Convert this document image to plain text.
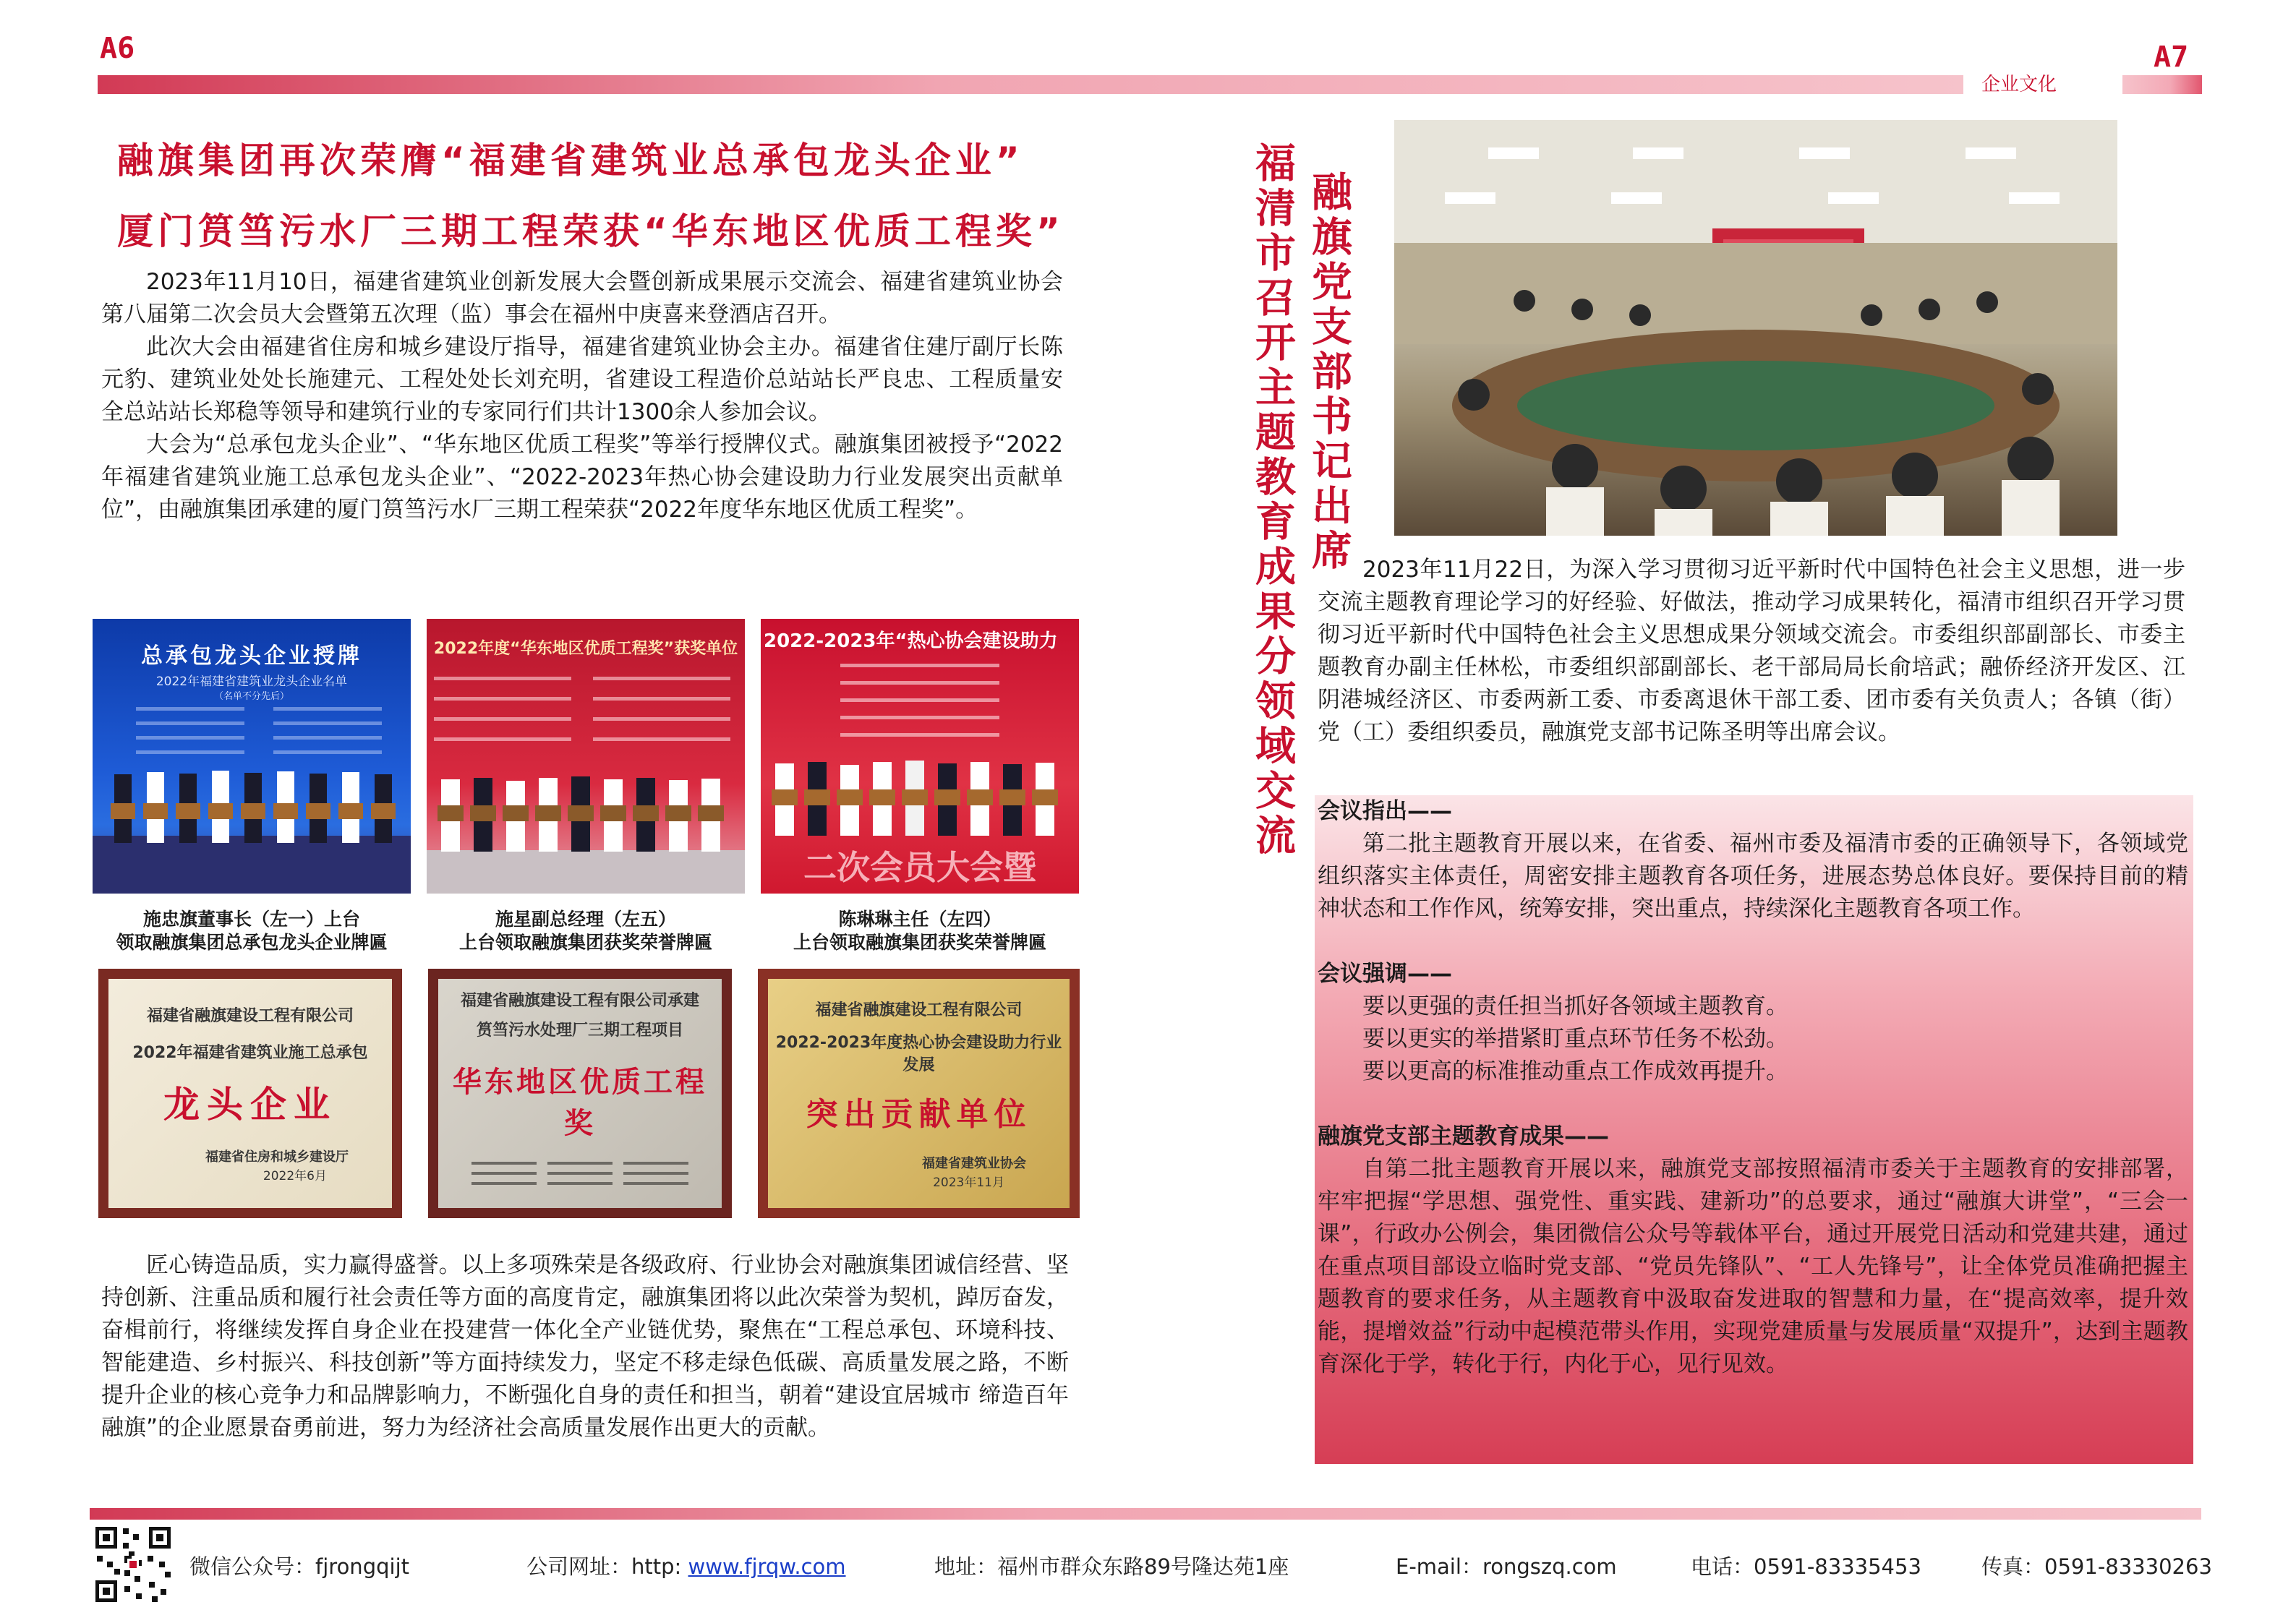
A6
企业文化
A7
融旗集团再次荣膺“福建省建筑业总承包龙头企业”
厦门筼筜污水厂三期工程荣获“华东地区优质工程奖”

2023年11月10日，福建省建筑业创新发展大会暨创新成果展示交流会、福建省建筑业协会第八届第二次会员大会暨第五次理（监）事会在福州中庚喜来登酒店召开。

此次大会由福建省住房和城乡建设厅指导，福建省建筑业协会主办。福建省住建厅副厅长陈元豹、建筑业处处长施建元、工程处处长刘充明，省建设工程造价总站站长严良忠、工程质量安全总站站长郑稳等领导和建筑行业的专家同行们共计1300余人参加会议。

大会为“总承包龙头企业”、“华东地区优质工程奖”等举行授牌仪式。融旗集团被授予“2022年福建省建筑业施工总承包龙头企业”、“2022-2023年热心协会建设助力行业发展突出贡献单位”，由融旗集团承建的厦门筼筜污水厂三期工程荣获“2022年度华东地区优质工程奖”。

总承包龙头企业授牌
2022年福建省建筑业龙头企业名单
（名单不分先后）
2022年度“华东地区优质工程奖”获奖单位	2022-2023年“热心协会建设助力
二次会员大会暨
施忠旗董事长（左一）上台
领取融旗集团总承包龙头企业牌匾
施星副总经理（左五）
上台领取融旗集团获奖荣誉牌匾
陈琳琳主任（左四）
上台领取融旗集团获奖荣誉牌匾
福建省融旗建设工程有限公司
2022年福建省建筑业施工总承包
龙头企业
福建省住房和城乡建设厅
2022年6月
福建省融旗建设工程有限公司承建
筼筜污水处理厂三期工程项目
华东地区优质工程奖
福建省融旗建设工程有限公司
2022-2023年度热心协会建设助力行业发展
突出贡献单位
福建省建筑业协会
2023年11月

匠心铸造品质，实力赢得盛誉。以上多项殊荣是各级政府、行业协会对融旗集团诚信经营、坚持创新、注重品质和履行社会责任等方面的高度肯定，融旗集团将以此次荣誉为契机，踔厉奋发，奋楫前行，将继续发挥自身企业在投建营一体化全产业链优势，聚焦在“工程总承包、环境科技、智能建造、乡村振兴、科技创新”等方面持续发力，坚定不移走绿色低碳、高质量发展之路，不断提升企业的核心竞争力和品牌影响力，不断强化自身的责任和担当，朝着“建设宜居城市 缔造百年融旗”的企业愿景奋勇前进，努力为经济社会高质量发展作出更大的贡献。

融旗党支部书记出席
福清市召开主题教育成果分领域交流	2023年11月22日，为深入学习贯彻习近平新时代中国特色社会主义思想，进一步交流主题教育理论学习的好经验、好做法，推动学习成果转化，福清市组织召开学习贯彻习近平新时代中国特色社会主义思想成果分领域交流会。市委组织部副部长、市委主题教育办副主任林松，市委组织部副部长、老干部局局长俞培武；融侨经济开发区、江阴港城经济区、市委两新工委、市委离退休干部工委、团市委有关负责人；各镇（街）党（工）委组织委员，融旗党支部书记陈圣明等出席会议。

会议指出——

第二批主题教育开展以来，在省委、福州市委及福清市委的正确领导下，各领域党组织落实主体责任，周密安排主题教育各项任务，进展态势总体良好。要保持目前的精神状态和工作作风，统筹安排，突出重点，持续深化主题教育各项工作。

会议强调——

要以更强的责任担当抓好各领域主题教育。

要以更实的举措紧盯重点环节任务不松劲。

要以更高的标准推动重点工作成效再提升。

融旗党支部主题教育成果——

自第二批主题教育开展以来，融旗党支部按照福清市委关于主题教育的安排部署，牢牢把握“学思想、强党性、重实践、建新功”的总要求，通过“融旗大讲堂”，“三会一课”，行政办公例会，集团微信公众号等载体平台，通过开展党日活动和党建共建，通过在重点项目部设立临时党支部、“党员先锋队”、“工人先锋号”，让全体党员准确把握主题教育的要求任务，从主题教育中汲取奋发进取的智慧和力量，在“提高效率，提升效能，提增效益”行动中起模范带头作用，实现党建质量与发展质量“双提升”，达到主题教育深化于学，转化于行，内化于心，见行见效。

微信公众号：fjrongqijt	公司网址：http: www.fjrqw.com	地址：福州市群众东路89号隆达苑1座	E-mail：rongszq.com	电话：0591-83335453	传真：0591-83330263
